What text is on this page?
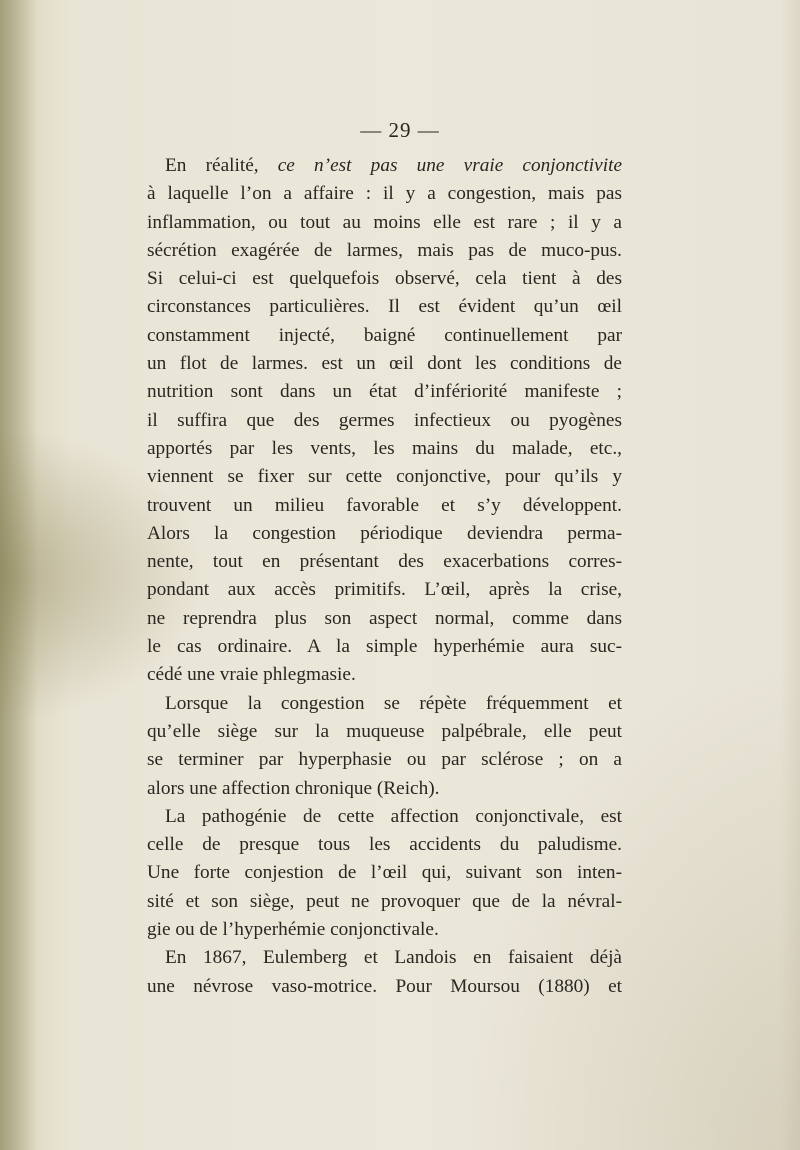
— 29 —
En réalité, ce n’est pas une vraie conjonctivite
à laquelle l’on a affaire : il y a congestion, mais pas
inflammation, ou tout au moins elle est rare ; il y a
sécrétion exagérée de larmes, mais pas de muco-pus.
Si celui-ci est quelquefois observé, cela tient à des
circonstances particulières. Il est évident qu’un œil
constamment injecté, baigné continuellement par
un flot de larmes. est un œil dont les conditions de
nutrition sont dans un état d’infériorité manifeste ;
il suffira que des germes infectieux ou pyogènes
apportés par les vents, les mains du malade, etc.,
viennent se fixer sur cette conjonctive, pour qu’ils y
trouvent un milieu favorable et s’y développent.
Alors la congestion périodique deviendra perma-
nente, tout en présentant des exacerbations corres-
pondant aux accès primitifs. L’œil, après la crise,
ne reprendra plus son aspect normal, comme dans
le cas ordinaire. A la simple hyperhémie aura suc-
cédé une vraie phlegmasie.
Lorsque la congestion se répète fréquemment et
qu’elle siège sur la muqueuse palpébrale, elle peut
se terminer par hyperphasie ou par sclérose ; on a
alors une affection chronique (Reich).
La pathogénie de cette affection conjonctivale, est
celle de presque tous les accidents du paludisme.
Une forte conjestion de l’œil qui, suivant son inten-
sité et son siège, peut ne provoquer que de la névral-
gie ou de l’hyperhémie conjonctivale.
En 1867, Eulemberg et Landois en faisaient déjà
une névrose vaso-motrice. Pour Moursou (1880) et
